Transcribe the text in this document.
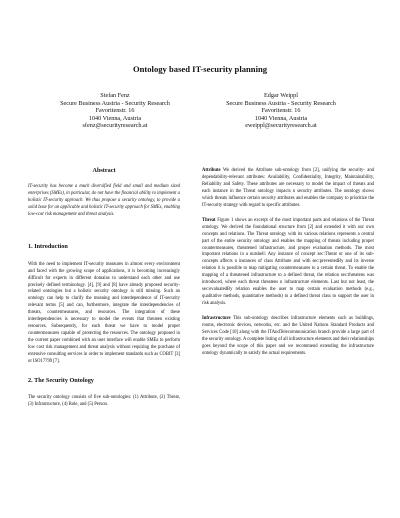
Ontology based IT-security planning
Stefan Fenz
Secure Business Austria - Security Research
Favoritenstr. 16
1040 Vienna, Austria
sfenz@securityresearch.at
Edgar Weippl
Secure Business Austria - Security Research
Favoritenstr. 16
1040 Vienna, Austria
eweippl@securityresearch.at
Abstract

IT-security has become a much diversified field and small and medium sized enterprises (SMEs), in particular, do not have the financial ability to implement a holistic IT-security approach. We thus propose a security ontology, to provide a solid base for an applicable and holistic IT-security approach for SMEs, enabling low-cost risk management and threat analysis.

1. Introduction

With the need to implement IT-security measures in almost every environment and faced with the growing scope of applications, it is becoming increasingly difficult for experts in different domains to understand each other and use precisely defined terminology. [4], [9] and [8] have already proposed security-related ontologies but a holistic security ontology is still missing. Such an ontology can help to clarify the meaning and interdependence of IT-security relevant terms [5] and can, furthermore, integrate the interdependencies of threats, countermeasures, and resources. The integration of these interdependencies is necessary to model the events that threaten existing resources. Subsequently, for each threat we have to model proper countermeasures capable of protecting the resources. The ontology proposed in the current paper combined with an user interface will enable SMEs to perform low cost risk management and threat analysis without requiring the purchase of extensive consulting services in order to implement standards such as COBIT [3] or ISO17799 [7].

2. The Security Ontology

The security ontology consists of five sub-ontologies: (1) Attribute, (2) Threat, (3) Infrastructure, (4) Role, and (5) Person.

Attribute We derived the Attribute sub-ontology from [2], unifying the security- and dependability-relevant attributes: Availability, Confidentiality, Integrity, Maintainability, Reliability and Safety. These attributes are necessary to model the impact of threats and each instance in the Threat ontology impacts n security attributes. The ontology shows which threats influence certain security attributes and enables the company to prioritize the IT-security strategy with regard to specific attributes.

Threat Figure 1 shows an excerpt of the most important parts and relations of the Threat ontology. We derived the foundational structure from [2] and extended it with our own concepts and relations. The Threat ontology with its various relations represents a central part of the entire security ontology and enables the mapping of threats including proper countermeasures, threatened infrastructure, and proper evaluation methods. The most important relations in a nutshell: Any instance of concept sec:Threat or one of its sub-concepts affects n instances of class Attribute and with sec:preventedBy and its inverse relation it is possible to map mitigating countermeasures to a certain threat. To enable the mapping of a threatened infrastructure to a defined threat, the relation sec:threatens was introduced, where each threat threatens n infrastructure elements. Last but not least, the sec:evaluatedBy relation enables the user to map certain evaluation methods (e.g., qualitative methods, quantitative methods) to a defined threat class to support the user in risk analysis.

Infrastructure This sub-ontology describes infrastructure elements such as buildings, rooms, electronic devices, networks, etc. and the United Nations Standard Products and Services Code [10] along with the ITAndTelecommunication branch provide a large part of the security ontology. A complete listing of all infrastructure elements and their relationships goes beyond the scope of this paper and we recommend extending the infrastructure ontology dynamically to satisfy the actual requirements.
